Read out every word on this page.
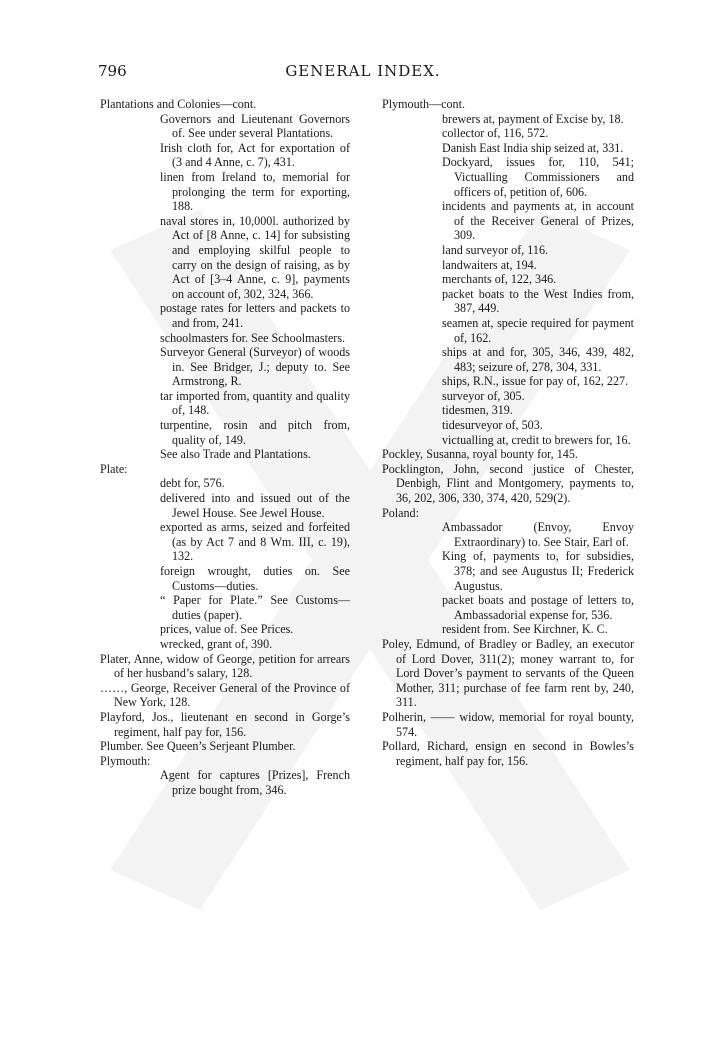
796	GENERAL INDEX.
Plantations and Colonies—cont.
Governors and Lieutenant Governors of. See under several Plantations.
Irish cloth for, Act for exportation of (3 and 4 Anne, c. 7), 431.
linen from Ireland to, memorial for prolonging the term for exporting, 188.
naval stores in, 10,000l. authorized by Act of [8 Anne, c. 14] for subsisting and employing skilful people to carry on the design of raising, as by Act of [3–4 Anne, c. 9], payments on account of, 302, 324, 366.
postage rates for letters and packets to and from, 241.
schoolmasters for. See Schoolmasters.
Surveyor General (Surveyor) of woods in. See Bridger, J.; deputy to. See Armstrong, R.
tar imported from, quantity and quality of, 148.
turpentine, rosin and pitch from, quality of, 149.
See also Trade and Plantations.
Plate:
debt for, 576.
delivered into and issued out of the Jewel House. See Jewel House.
exported as arms, seized and forfeited (as by Act 7 and 8 Wm. III, c. 19), 132.
foreign wrought, duties on. See Customs—duties.
“ Paper for Plate.” See Customs—duties (paper).
prices, value of. See Prices.
wrecked, grant of, 390.
Plater, Anne, widow of George, petition for arrears of her husband’s salary, 128.
……, George, Receiver General of the Province of New York, 128.
Playford, Jos., lieutenant en second in Gorge’s regiment, half pay for, 156.
Plumber. See Queen’s Serjeant Plumber.
Plymouth:
Agent for captures [Prizes], French prize bought from, 346.
Plymouth—cont.
brewers at, payment of Excise by, 18.
collector of, 116, 572.
Danish East India ship seized at, 331.
Dockyard, issues for, 110, 541; Victualling Commissioners and officers of, petition of, 606.
incidents and payments at, in account of the Receiver General of Prizes, 309.
land surveyor of, 116.
landwaiters at, 194.
merchants of, 122, 346.
packet boats to the West Indies from, 387, 449.
seamen at, specie required for payment of, 162.
ships at and for, 305, 346, 439, 482, 483; seizure of, 278, 304, 331.
ships, R.N., issue for pay of, 162, 227.
surveyor of, 305.
tidesmen, 319.
tidesurveyor of, 503.
victualling at, credit to brewers for, 16.
Pockley, Susanna, royal bounty for, 145.
Pocklington, John, second justice of Chester, Denbigh, Flint and Montgomery, payments to, 36, 202, 306, 330, 374, 420, 529(2).
Poland:
Ambassador (Envoy, Envoy Extraordinary) to. See Stair, Earl of.
King of, payments to, for subsidies, 378; and see Augustus II; Frederick Augustus.
packet boats and postage of letters to, Ambassadorial expense for, 536.
resident from. See Kirchner, K. C.
Poley, Edmund, of Bradley or Badley, an executor of Lord Dover, 311(2); money warrant to, for Lord Dover’s payment to servants of the Queen Mother, 311; purchase of fee farm rent by, 240, 311.
Polherin, —— widow, memorial for royal bounty, 574.
Pollard, Richard, ensign en second in Bowles’s regiment, half pay for, 156.
